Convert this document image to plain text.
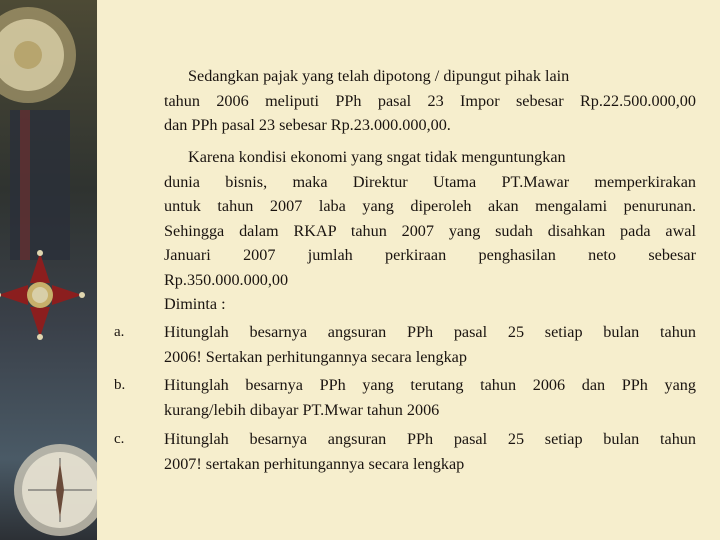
Sedangkan pajak yang telah dipotong / dipungut pihak lain
tahun 2006 meliputi PPh pasal 23 Impor sebesar Rp.22.500.000,00
dan PPh pasal 23 sebesar Rp.23.000.000,00.
Karena kondisi ekonomi yang sngat tidak menguntungkan
dunia bisnis, maka Direktur Utama PT.Mawar memperkirakan
untuk tahun 2007 laba yang diperoleh akan mengalami penurunan.
Sehingga dalam RKAP tahun 2007 yang sudah disahkan pada awal
Januari 2007 jumlah perkiraan penghasilan neto sebesar
Rp.350.000.000,00
Diminta :
a. Hitunglah besarnya angsuran PPh pasal 25 setiap bulan tahun
2006! Sertakan perhitungannya secara lengkap
b. Hitunglah besarnya PPh yang terutang tahun 2006 dan PPh yang
kurang/lebih dibayar PT.Mwar tahun 2006
c. Hitunglah besarnya angsuran PPh pasal 25 setiap bulan tahun
2007! sertakan perhitungannya secara lengkap
